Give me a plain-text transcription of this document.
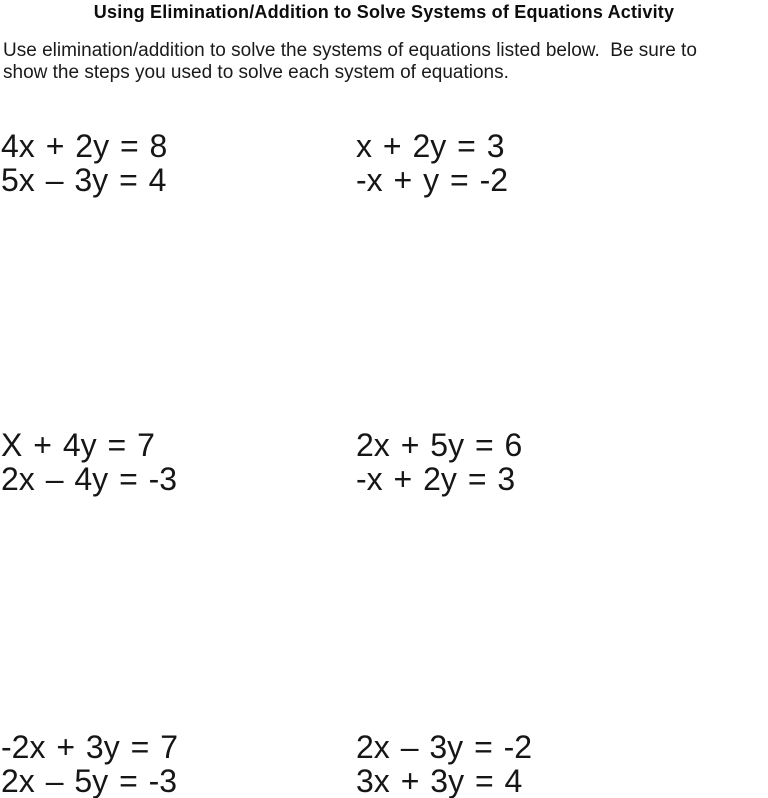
Using Elimination/Addition to Solve Systems of Equations Activity
Use elimination/addition to solve the systems of equations listed below.  Be sure to
show the steps you used to solve each system of equations.
4x + 2y = 8
5x – 3y = 4
x + 2y = 3
-x + y = -2
X + 4y = 7
2x – 4y = -3
2x + 5y = 6
-x + 2y = 3
-2x + 3y = 7
2x – 5y = -3
2x – 3y = -2
3x + 3y = 4
